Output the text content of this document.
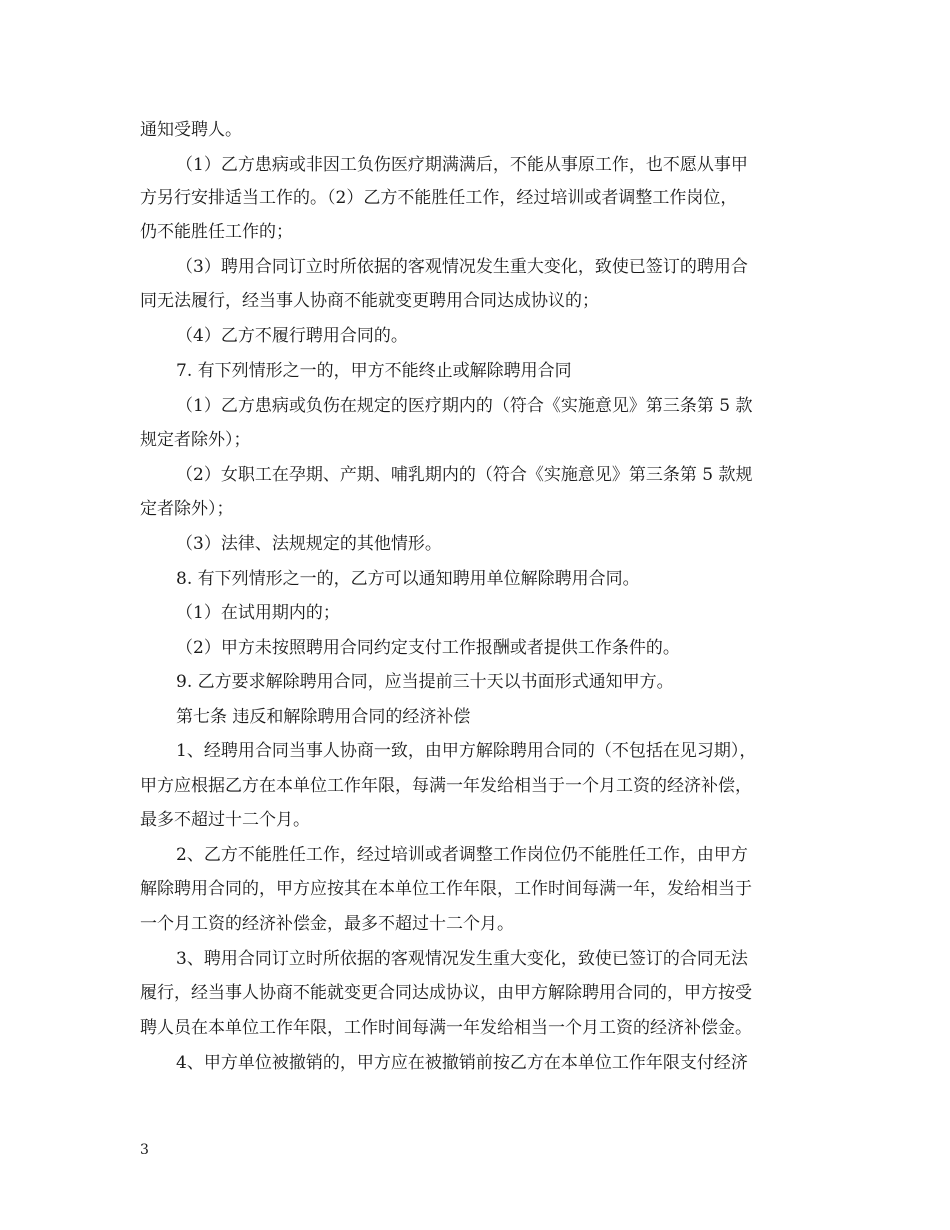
通知受聘人。
（1）乙方患病或非因工负伤医疗期满满后，不能从事原工作，也不愿从事甲
方另行安排适当工作的。（2）乙方不能胜任工作，经过培训或者调整工作岗位，
仍不能胜任工作的；
（3）聘用合同订立时所依据的客观情况发生重大变化，致使已签订的聘用合
同无法履行，经当事人协商不能就变更聘用合同达成协议的；
（4）乙方不履行聘用合同的。
7. 有下列情形之一的，甲方不能终止或解除聘用合同
（1）乙方患病或负伤在规定的医疗期内的（符合《实施意见》第三条第 5 款
规定者除外）；
（2）女职工在孕期、产期、哺乳期内的（符合《实施意见》第三条第 5 款规
定者除外）；
（3）法律、法规规定的其他情形。
8. 有下列情形之一的，乙方可以通知聘用单位解除聘用合同。
（1）在试用期内的；
（2）甲方未按照聘用合同约定支付工作报酬或者提供工作条件的。
9. 乙方要求解除聘用合同，应当提前三十天以书面形式通知甲方。
第七条 违反和解除聘用合同的经济补偿
1、经聘用合同当事人协商一致，由甲方解除聘用合同的（不包括在见习期），
甲方应根据乙方在本单位工作年限，每满一年发给相当于一个月工资的经济补偿，
最多不超过十二个月。
2、乙方不能胜任工作，经过培训或者调整工作岗位仍不能胜任工作，由甲方
解除聘用合同的，甲方应按其在本单位工作年限，工作时间每满一年，发给相当于
一个月工资的经济补偿金，最多不超过十二个月。
3、聘用合同订立时所依据的客观情况发生重大变化，致使已签订的合同无法
履行，经当事人协商不能就变更合同达成协议，由甲方解除聘用合同的，甲方按受
聘人员在本单位工作年限，工作时间每满一年发给相当一个月工资的经济补偿金。
4、甲方单位被撤销的，甲方应在被撤销前按乙方在本单位工作年限支付经济
3
